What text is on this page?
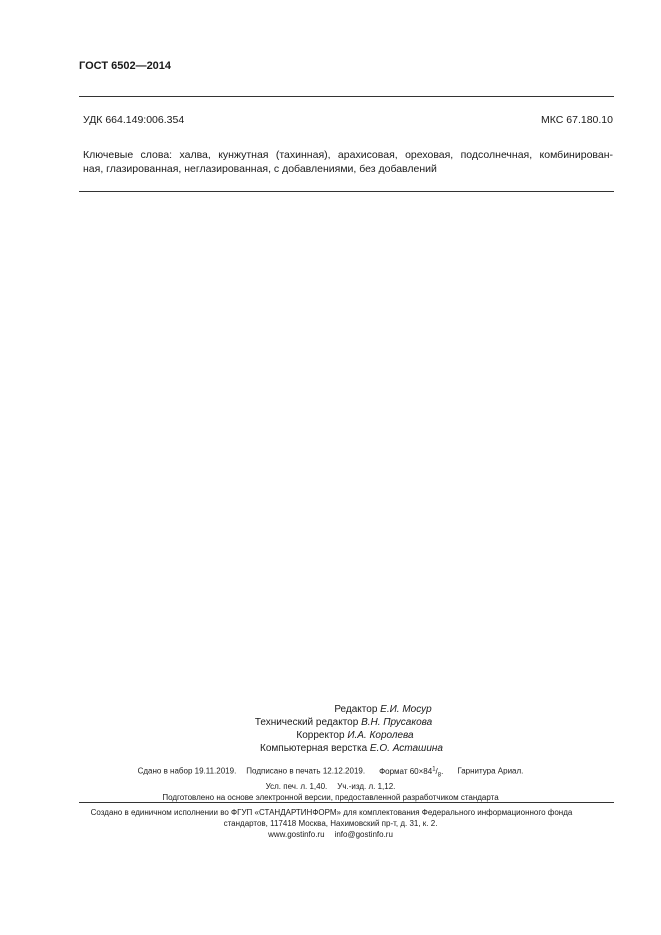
ГОСТ 6502—2014
УДК 664.149:006.354	МКС 67.180.10
Ключевые слова: халва, кунжутная (тахинная), арахисовая, ореховая, подсолнечная, комбинирован-
ная, глазированная, неглазированная, с добавлениями, без добавлений
Редактор Е.И. Мосур
Технический редактор В.Н. Прусакова
Корректор И.А. Королева
Компьютерная верстка Е.О. Асташина
Сдано в набор 19.11.2019. Подписано в печать 12.12.2019. Формат $60\times 84^1/_8$. Гарнитура Ариал.
Усл. печ. л. 1,40. Уч.-изд. л. 1,12.
Подготовлено на основе электронной версии, предоставленной разработчиком стандарта
Создано в единичном исполнении во ФГУП «СТАНДАРТИНФОРМ» для комплектования Федерального информационного фонда
стандартов, 117418 Москва, Нахимовский пр-т, д. 31, к. 2.
www.gostinfo.ru info@gostinfo.ru
